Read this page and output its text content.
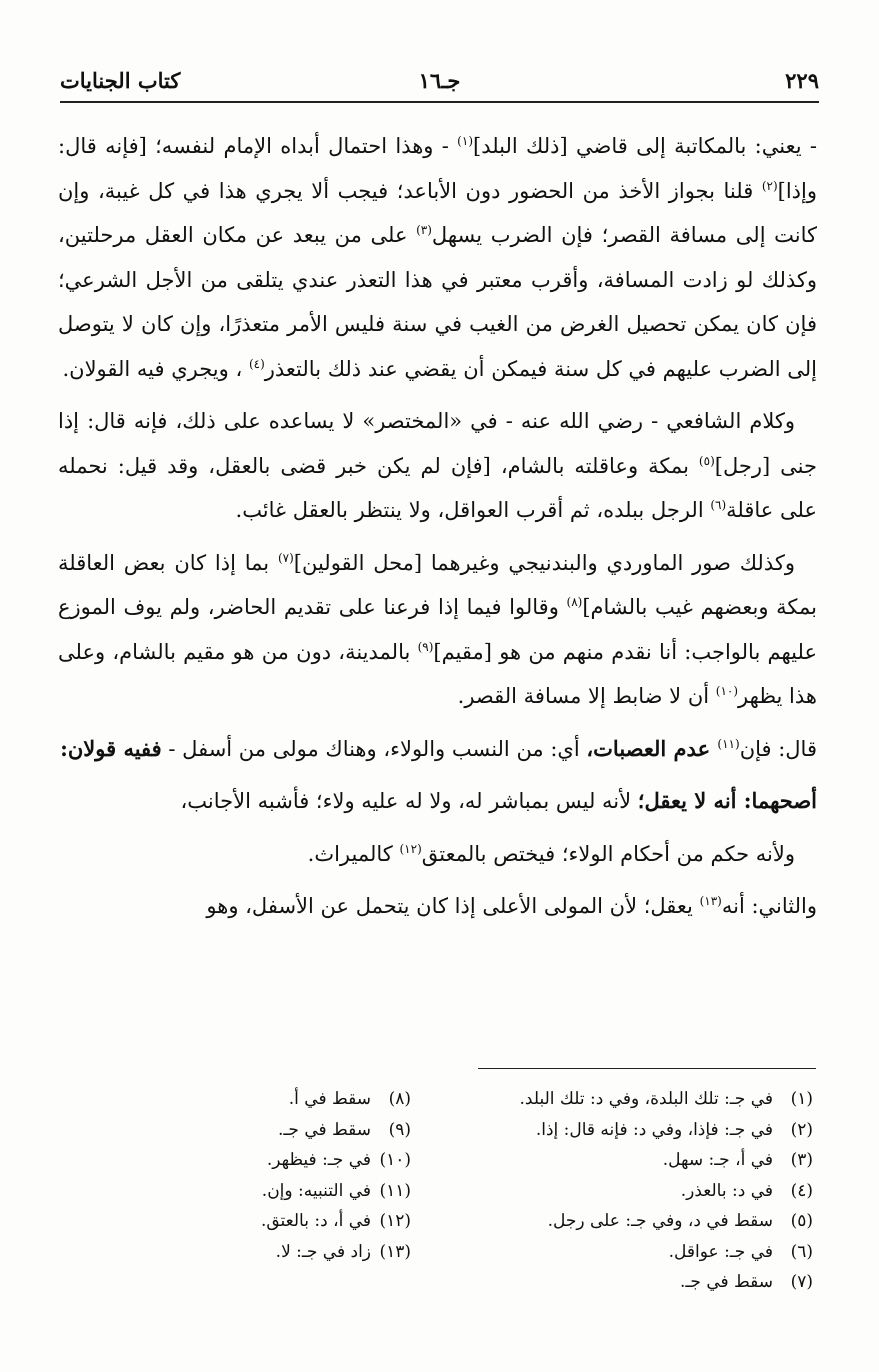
٢٢٩
جـ١٦
كتاب الجنايات

- يعني: بالمكاتبة إلى قاضي [ذلك البلد]$^{(١)}$ - وهذا احتمال أبداه الإمام لنفسه؛ [فإنه قال: وإذا]$^{(٢)}$ قلنا بجواز الأخذ من الحضور دون الأباعد؛ فيجب ألا يجري هذا في كل غيبة، وإن كانت إلى مسافة القصر؛ فإن الضرب يسهل$^{(٣)}$ على من يبعد عن مكان العقل مرحلتين، وكذلك لو زادت المسافة، وأقرب معتبر في هذا التعذر عندي يتلقى من الأجل الشرعي؛ فإن كان يمكن تحصيل الغرض من الغيب في سنة فليس الأمر متعذرًا، وإن كان لا يتوصل إلى الضرب عليهم في كل سنة فيمكن أن يقضي عند ذلك بالتعذر$^{(٤)}$ ، ويجري فيه القولان.

وكلام الشافعي - رضي الله عنه - في «المختصر» لا يساعده على ذلك، فإنه قال: إذا جنى [رجل]$^{(٥)}$ بمكة وعاقلته بالشام، [فإن لم يكن خبر قضى بالعقل، وقد قيل: نحمله على عاقلة$^{(٦)}$ الرجل ببلده، ثم أقرب العواقل، ولا ينتظر بالعقل غائب.

وكذلك صور الماوردي والبندنيجي وغيرهما [محل القولين]$^{(٧)}$ بما إذا كان بعض العاقلة بمكة وبعضهم غيب بالشام]$^{(٨)}$ وقالوا فيما إذا فرعنا على تقديم الحاضر، ولم يوف الموزع عليهم بالواجب: أنا نقدم منهم من هو [مقيم]$^{(٩)}$ بالمدينة، دون من هو مقيم بالشام، وعلى هذا يظهر$^{(١٠)}$ أن لا ضابط إلا مسافة القصر.

قال: فإن$^{(١١)}$ عدم العصبات، أي: من النسب والولاء، وهناك مولى من أسفل - ففيه قولان:

أصحهما: أنه لا يعقل؛ لأنه ليس بمباشر له، ولا له عليه ولاء؛ فأشبه الأجانب،

ولأنه حكم من أحكام الولاء؛ فيختص بالمعتق$^{(١٢)}$ كالميراث.

والثاني: أنه$^{(١٣)}$ يعقل؛ لأن المولى الأعلى إذا كان يتحمل عن الأسفل، وهو

(١)في جـ: تلك البلدة، وفي د: تلك البلد.
(٢)في جـ: فإذا، وفي د: فإنه قال: إذا.
(٣)في أ، جـ: سهل.
(٤)في د: بالعذر.
(٥)سقط في د، وفي جـ: على رجل.
(٦)في جـ: عواقل.
(٧)سقط في جـ.
(٨)سقط في أ.
(٩)سقط في جـ.
(١٠)في جـ: فيظهر.
(١١)في التنبيه: وإن.
(١٢)في أ، د: بالعتق.
(١٣)زاد في جـ: لا.
